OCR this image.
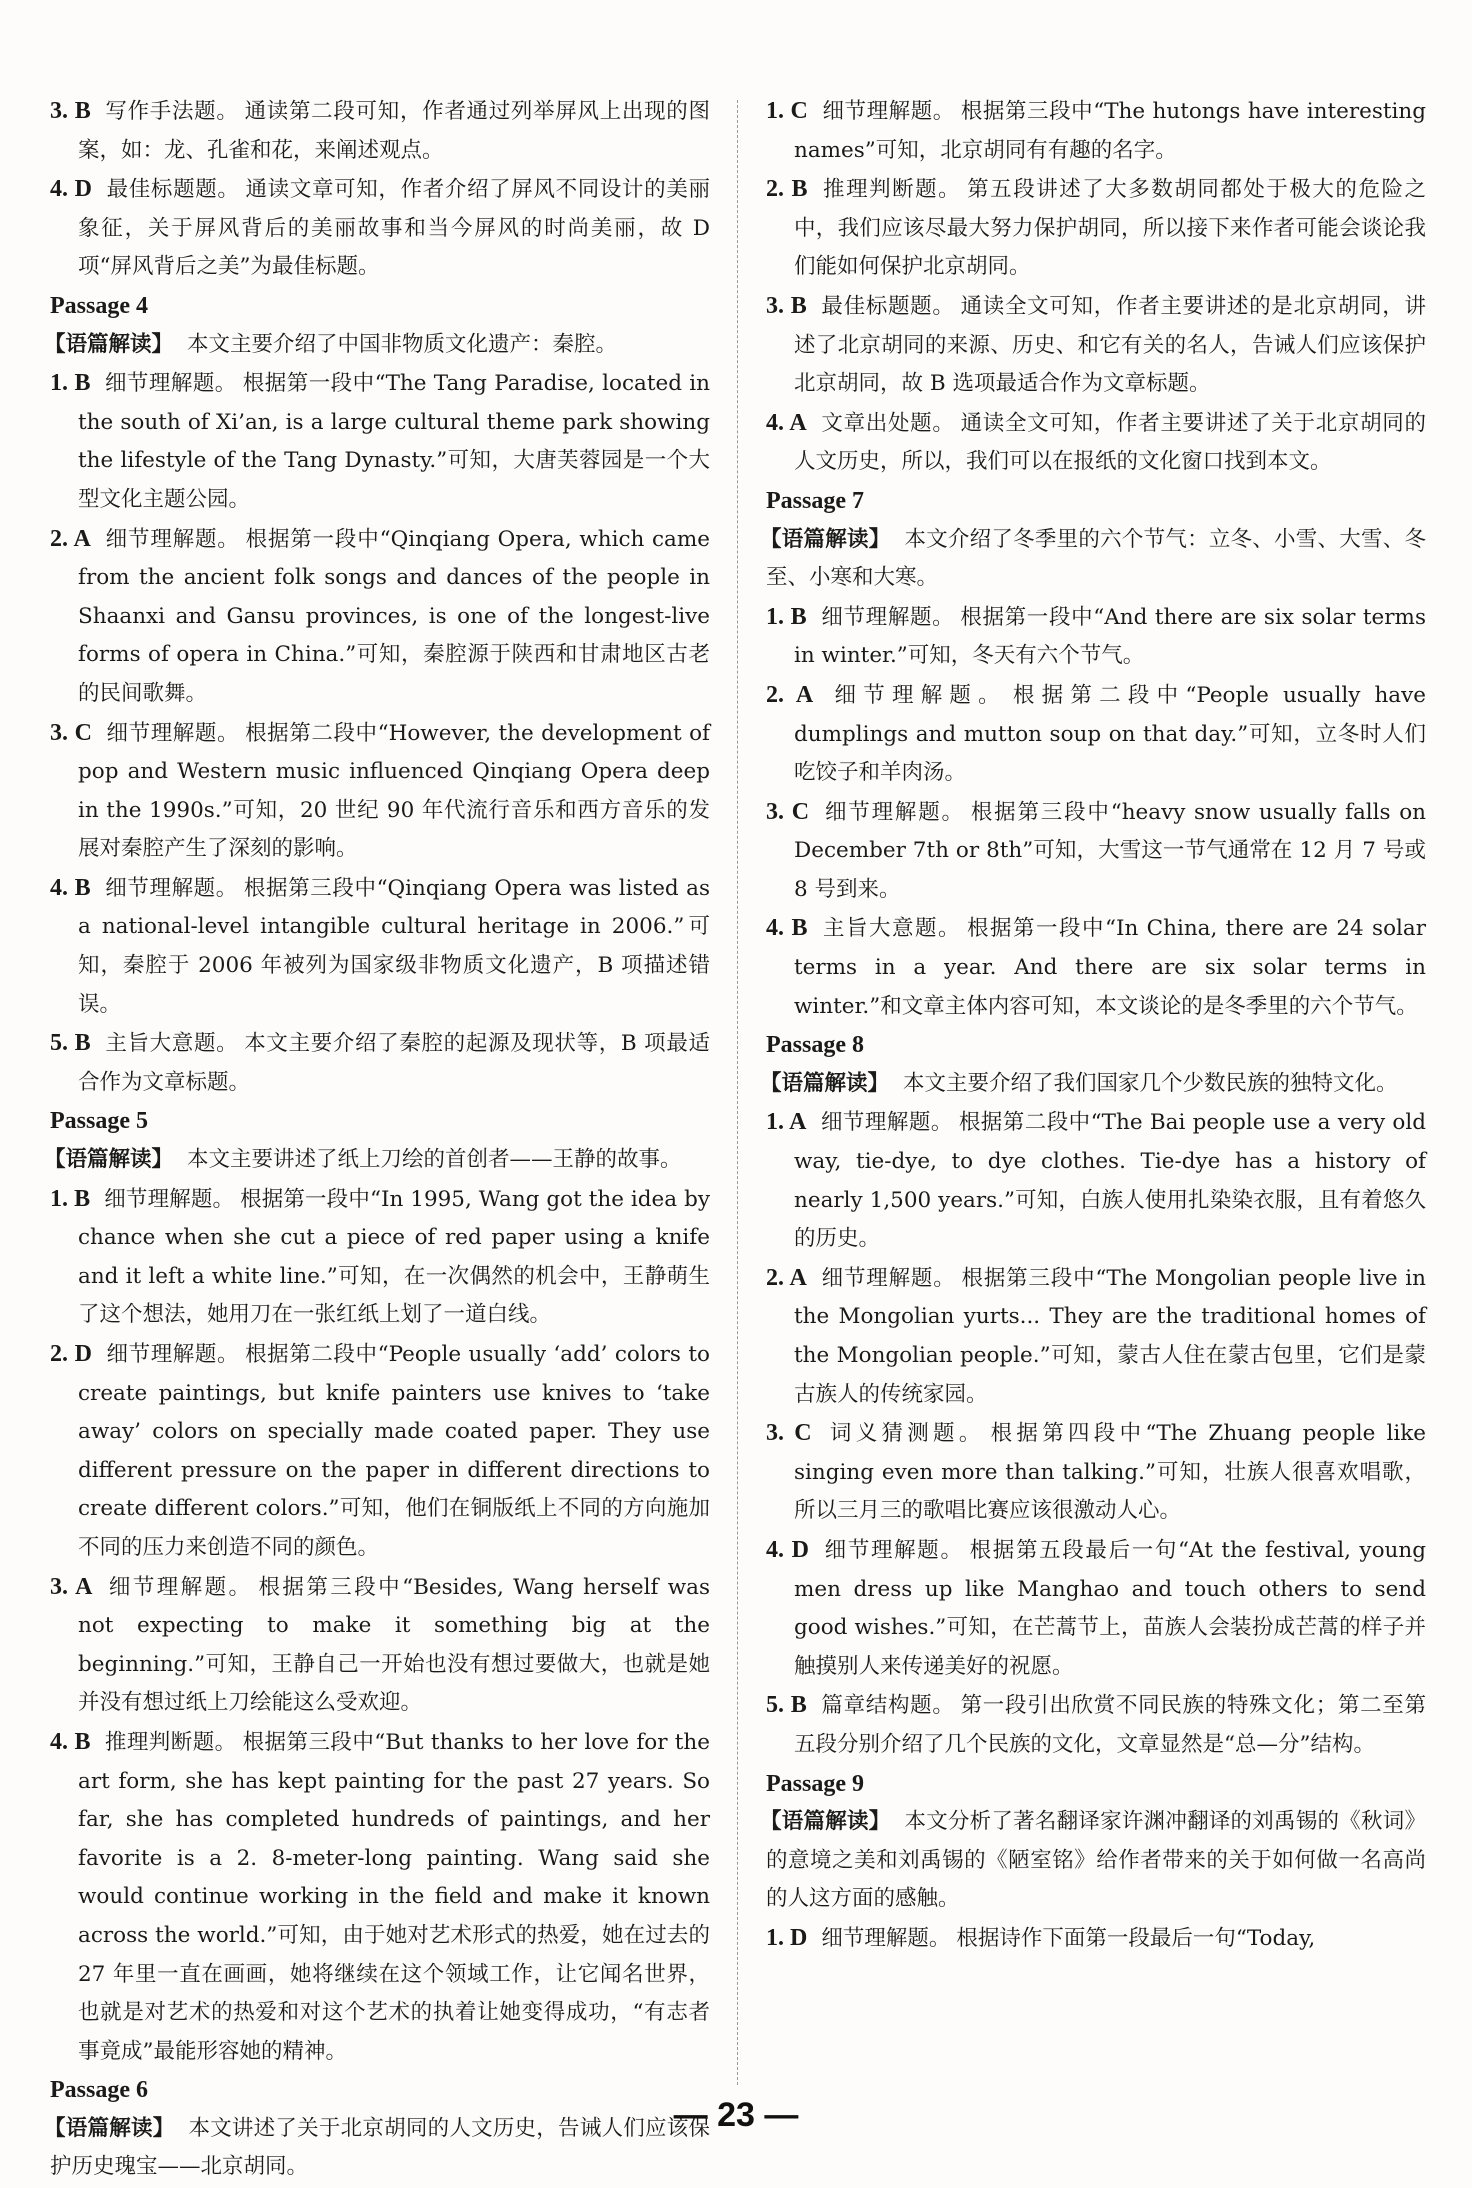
3. B 写作手法题。 通读第二段可知，作者通过列举屏风上出现的图案，如：龙、孔雀和花，来阐述观点。

4. D 最佳标题题。 通读文章可知，作者介绍了屏风不同设计的美丽象征，关于屏风背后的美丽故事和当今屏风的时尚美丽，故 D 项“屏风背后之美”为最佳标题。

Passage 4

【语篇解读】 本文主要介绍了中国非物质文化遗产：秦腔。

1. B 细节理解题。 根据第一段中“The Tang Paradise, located in the south of Xi’an, is a large cultural theme park showing the lifestyle of the Tang Dynasty.”可知，大唐芙蓉园是一个大型文化主题公园。

2. A 细节理解题。 根据第一段中“Qinqiang Opera, which came from the ancient folk songs and dances of the people in Shaanxi and Gansu provinces, is one of the longest-live forms of opera in China.”可知，秦腔源于陕西和甘肃地区古老的民间歌舞。

3. C 细节理解题。 根据第二段中“However, the development of pop and Western music influenced Qinqiang Opera deep in the 1990s.”可知，20 世纪 90 年代流行音乐和西方音乐的发展对秦腔产生了深刻的影响。

4. B 细节理解题。 根据第三段中“Qinqiang Opera was listed as a national-level intangible cultural heritage in 2006.”可知，秦腔于 2006 年被列为国家级非物质文化遗产，B 项描述错误。

5. B 主旨大意题。 本文主要介绍了秦腔的起源及现状等，B 项最适合作为文章标题。

Passage 5

【语篇解读】 本文主要讲述了纸上刀绘的首创者——王静的故事。

1. B 细节理解题。 根据第一段中“In 1995, Wang got the idea by chance when she cut a piece of red paper using a knife and it left a white line.”可知，在一次偶然的机会中，王静萌生了这个想法，她用刀在一张红纸上划了一道白线。

2. D 细节理解题。 根据第二段中“People usually ‘add’ colors to create paintings, but knife painters use knives to ‘take away’ colors on specially made coated paper. They use different pressure on the paper in different directions to create different colors.”可知，他们在铜版纸上不同的方向施加不同的压力来创造不同的颜色。

3. A 细节理解题。 根据第三段中“Besides, Wang herself was not expecting to make it something big at the beginning.”可知，王静自己一开始也没有想过要做大，也就是她并没有想过纸上刀绘能这么受欢迎。

4. B 推理判断题。 根据第三段中“But thanks to her love for the art form, she has kept painting for the past 27 years. So far, she has completed hundreds of paintings, and her favorite is a 2. 8-meter-long painting. Wang said she would continue working in the field and make it known across the world.”可知，由于她对艺术形式的热爱，她在过去的 27 年里一直在画画，她将继续在这个领域工作，让它闻名世界，也就是对艺术的热爱和对这个艺术的执着让她变得成功，“有志者事竟成”最能形容她的精神。

Passage 6

【语篇解读】 本文讲述了关于北京胡同的人文历史，告诫人们应该保护历史瑰宝——北京胡同。

1. C 细节理解题。 根据第三段中“The hutongs have interesting names”可知，北京胡同有有趣的名字。

2. B 推理判断题。 第五段讲述了大多数胡同都处于极大的危险之中，我们应该尽最大努力保护胡同，所以接下来作者可能会谈论我们能如何保护北京胡同。

3. B 最佳标题题。 通读全文可知，作者主要讲述的是北京胡同，讲述了北京胡同的来源、历史、和它有关的名人，告诫人们应该保护北京胡同，故 B 选项最适合作为文章标题。

4. A 文章出处题。 通读全文可知，作者主要讲述了关于北京胡同的人文历史，所以，我们可以在报纸的文化窗口找到本文。

Passage 7

【语篇解读】 本文介绍了冬季里的六个节气：立冬、小雪、大雪、冬至、小寒和大寒。

1. B 细节理解题。 根据第一段中“And there are six solar terms in winter.”可知，冬天有六个节气。

2. A 细节理解题。 根据第二段中“People usually have dumplings and mutton soup on that day.”可知，立冬时人们吃饺子和羊肉汤。

3. C 细节理解题。 根据第三段中“heavy snow usually falls on December 7th or 8th”可知，大雪这一节气通常在 12 月 7 号或 8 号到来。

4. B 主旨大意题。 根据第一段中“In China, there are 24 solar terms in a year. And there are six solar terms in winter.”和文章主体内容可知，本文谈论的是冬季里的六个节气。

Passage 8

【语篇解读】 本文主要介绍了我们国家几个少数民族的独特文化。

1. A 细节理解题。 根据第二段中“The Bai people use a very old way, tie-dye, to dye clothes. Tie-dye has a history of nearly 1,500 years.”可知，白族人使用扎染染衣服，且有着悠久的历史。

2. A 细节理解题。 根据第三段中“The Mongolian people live in the Mongolian yurts... They are the traditional homes of the Mongolian people.”可知，蒙古人住在蒙古包里，它们是蒙古族人的传统家园。

3. C 词义猜测题。 根据第四段中“The Zhuang people like singing even more than talking.”可知，壮族人很喜欢唱歌，所以三月三的歌唱比赛应该很激动人心。

4. D 细节理解题。 根据第五段最后一句“At the festival, young men dress up like Manghao and touch others to send good wishes.”可知，在芒蒿节上，苗族人会装扮成芒蒿的样子并触摸别人来传递美好的祝愿。

5. B 篇章结构题。 第一段引出欣赏不同民族的特殊文化；第二至第五段分别介绍了几个民族的文化，文章显然是“总—分”结构。

Passage 9

【语篇解读】 本文分析了著名翻译家许渊冲翻译的刘禹锡的《秋词》的意境之美和刘禹锡的《陋室铭》给作者带来的关于如何做一名高尚的人这方面的感触。

1. D 细节理解题。 根据诗作下面第一段最后一句“Today,

— 23 —
